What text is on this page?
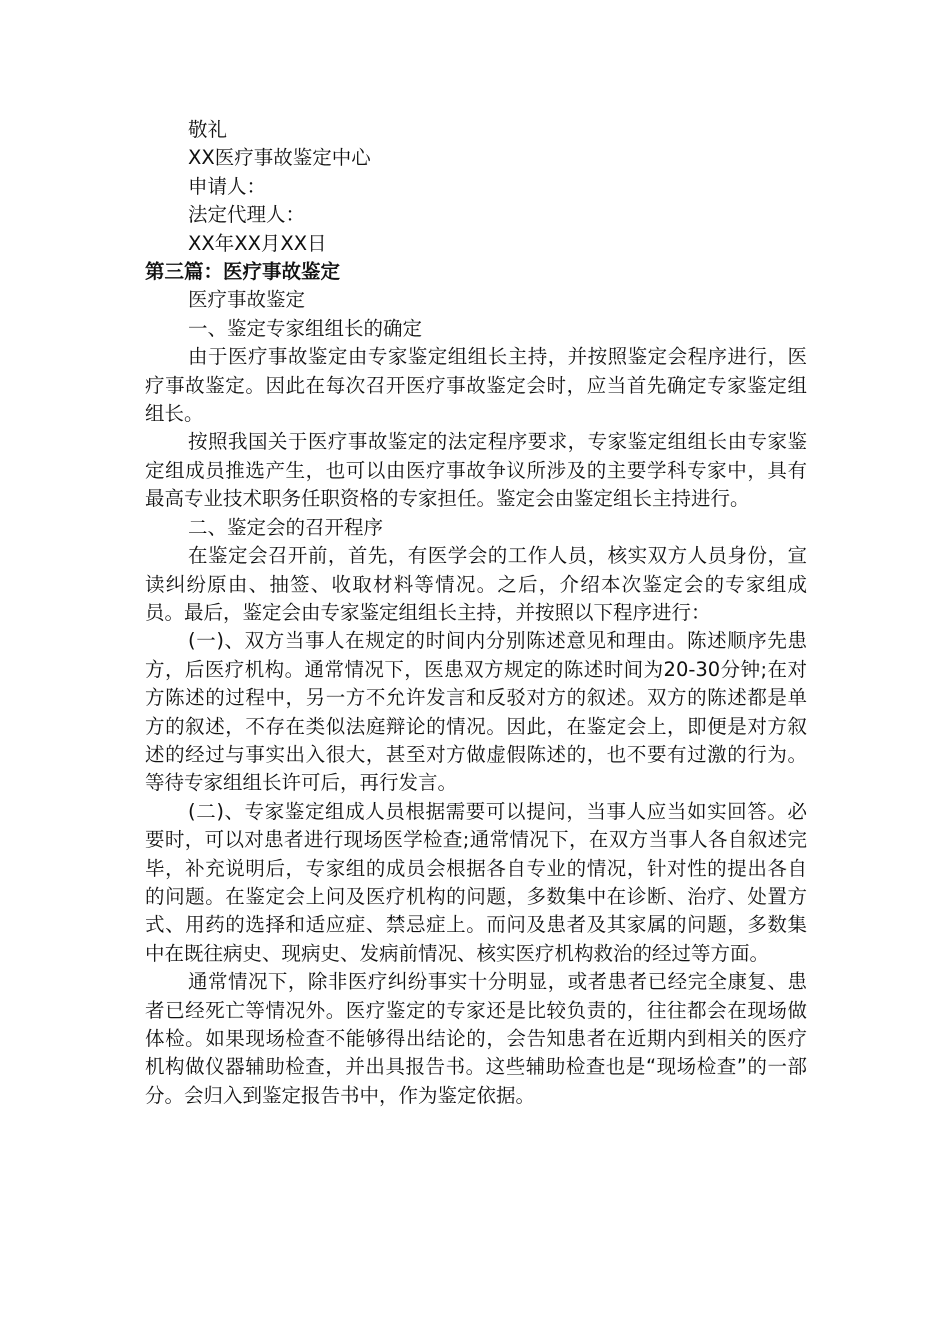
敬礼

XX医疗事故鉴定中心

申请人：

法定代理人：

XX年XX月XX日

第三篇：医疗事故鉴定

医疗事故鉴定

一、鉴定专家组组长的确定

由于医疗事故鉴定由专家鉴定组组长主持，并按照鉴定会程序进行，医疗事故鉴定。因此在每次召开医疗事故鉴定会时，应当首先确定专家鉴定组组长。

按照我国关于医疗事故鉴定的法定程序要求，专家鉴定组组长由专家鉴定组成员推选产生，也可以由医疗事故争议所涉及的主要学科专家中，具有最高专业技术职务任职资格的专家担任。鉴定会由鉴定组长主持进行。

二、鉴定会的召开程序

在鉴定会召开前，首先，有医学会的工作人员，核实双方人员身份，宣读纠纷原由、抽签、收取材料等情况。之后，介绍本次鉴定会的专家组成员。最后，鉴定会由专家鉴定组组长主持，并按照以下程序进行：

(一)、双方当事人在规定的时间内分别陈述意见和理由。陈述顺序先患方，后医疗机构。通常情况下，医患双方规定的陈述时间为20-30分钟;在对方陈述的过程中，另一方不允许发言和反驳对方的叙述。双方的陈述都是单方的叙述，不存在类似法庭辩论的情况。因此，在鉴定会上，即便是对方叙述的经过与事实出入很大，甚至对方做虚假陈述的，也不要有过激的行为。等待专家组组长许可后，再行发言。

(二)、专家鉴定组成人员根据需要可以提问，当事人应当如实回答。必要时，可以对患者进行现场医学检查;通常情况下，在双方当事人各自叙述完毕，补充说明后，专家组的成员会根据各自专业的情况，针对性的提出各自的问题。在鉴定会上问及医疗机构的问题，多数集中在诊断、治疗、处置方式、用药的选择和适应症、禁忌症上。而问及患者及其家属的问题，多数集中在既往病史、现病史、发病前情况、核实医疗机构救治的经过等方面。

通常情况下，除非医疗纠纷事实十分明显，或者患者已经完全康复、患者已经死亡等情况外。医疗鉴定的专家还是比较负责的，往往都会在现场做体检。如果现场检查不能够得出结论的，会告知患者在近期内到相关的医疗机构做仪器辅助检查，并出具报告书。这些辅助检查也是“现场检查”的一部分。会归入到鉴定报告书中，作为鉴定依据。
